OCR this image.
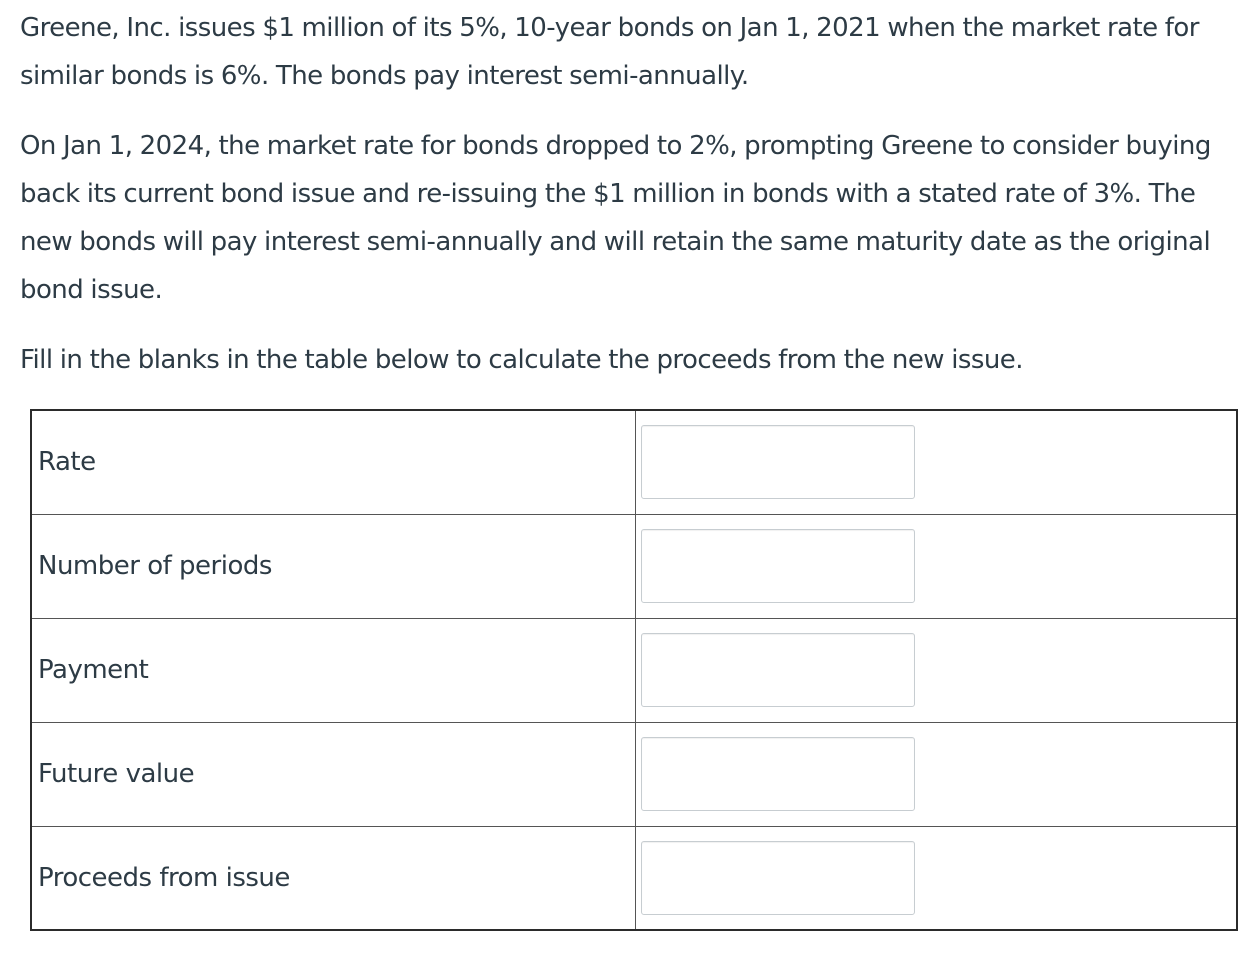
Greene, Inc. issues $1 million of its 5%, 10-year bonds on Jan 1, 2021 when the market rate for similar bonds is 6%. The bonds pay interest semi-annually.

On Jan 1, 2024, the market rate for bonds dropped to 2%, prompting Greene to consider buying back its current bond issue and re-issuing the $1 million in bonds with a stated rate of 3%. The new bonds will pay interest semi-annually and will retain the same maturity date as the original bond issue.

Fill in the blanks in the table below to calculate the proceeds from the new issue.

Rate	

Number of periods	

Payment	

Future value	

Proceeds from issue	
